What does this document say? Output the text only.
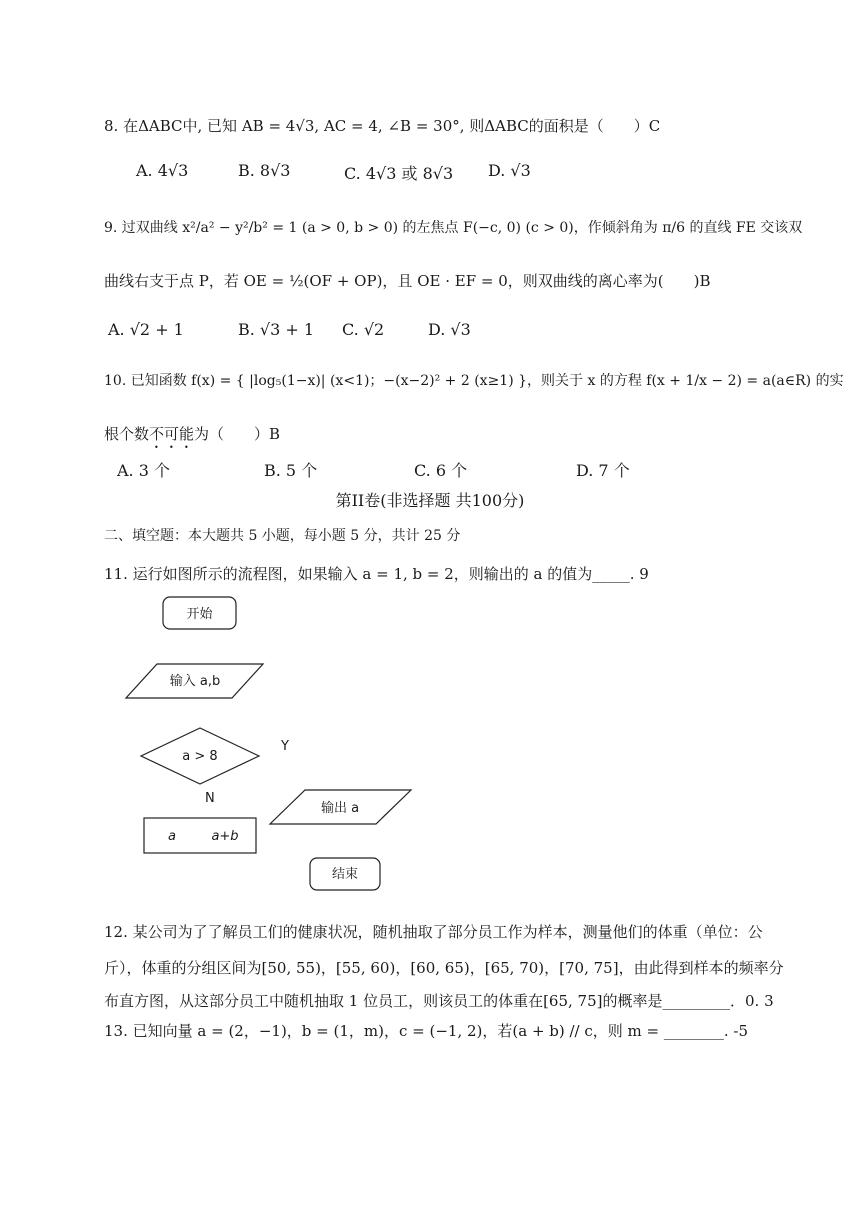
8. 在ΔABC中, 已知 AB = 4√3, AC = 4, ∠B = 30°, 则ΔABC的面积是（　　）C
A. 4√3	B. 8√3	C. 4√3 或 8√3 D. √3
9. 过双曲线 x²/a² − y²/b² = 1 (a > 0, b > 0) 的左焦点 F(−c, 0) (c > 0)，作倾斜角为 π/6 的直线 FE 交该双
曲线右支于点 P，若 OE = ½(OF + OP)，且 OE · EF = 0，则双曲线的离心率为(　　)B
A. √2 + 1	B. √3 + 1 C. √2	D. √3
10. 已知函数 f(x) = { |log₅(1−x)| (x<1)；−(x−2)² + 2 (x≥1) }，则关于 x 的方程 f(x + 1/x − 2) = a(a∈R) 的实
根个数不可能为（　　）B
A. 3 个	B. 5 个	C. 6 个	D. 7 个
第II卷(非选择题 共100分)
二、填空题：本大题共 5 小题，每小题 5 分，共计 25 分
11. 运行如图所示的流程图，如果输入 a = 1, b = 2，则输出的 a 的值为_____. 9
开始
输入 a,b
a > 8
Y
N
输出 a
a	a+b
结束
12. 某公司为了了解员工们的健康状况，随机抽取了部分员工作为样本，测量他们的体重（单位：公
斤），体重的分组区间为[50, 55)，[55, 60)，[60, 65)，[65, 70)，[70, 75]，由此得到样本的频率分
布直方图，从这部分员工中随机抽取 1 位员工，则该员工的体重在[65, 75]的概率是_________．0. 3
13. 已知向量 a = (2，−1)，b = (1，m)，c = (−1, 2)，若(a + b) // c，则 m = ________. -5
